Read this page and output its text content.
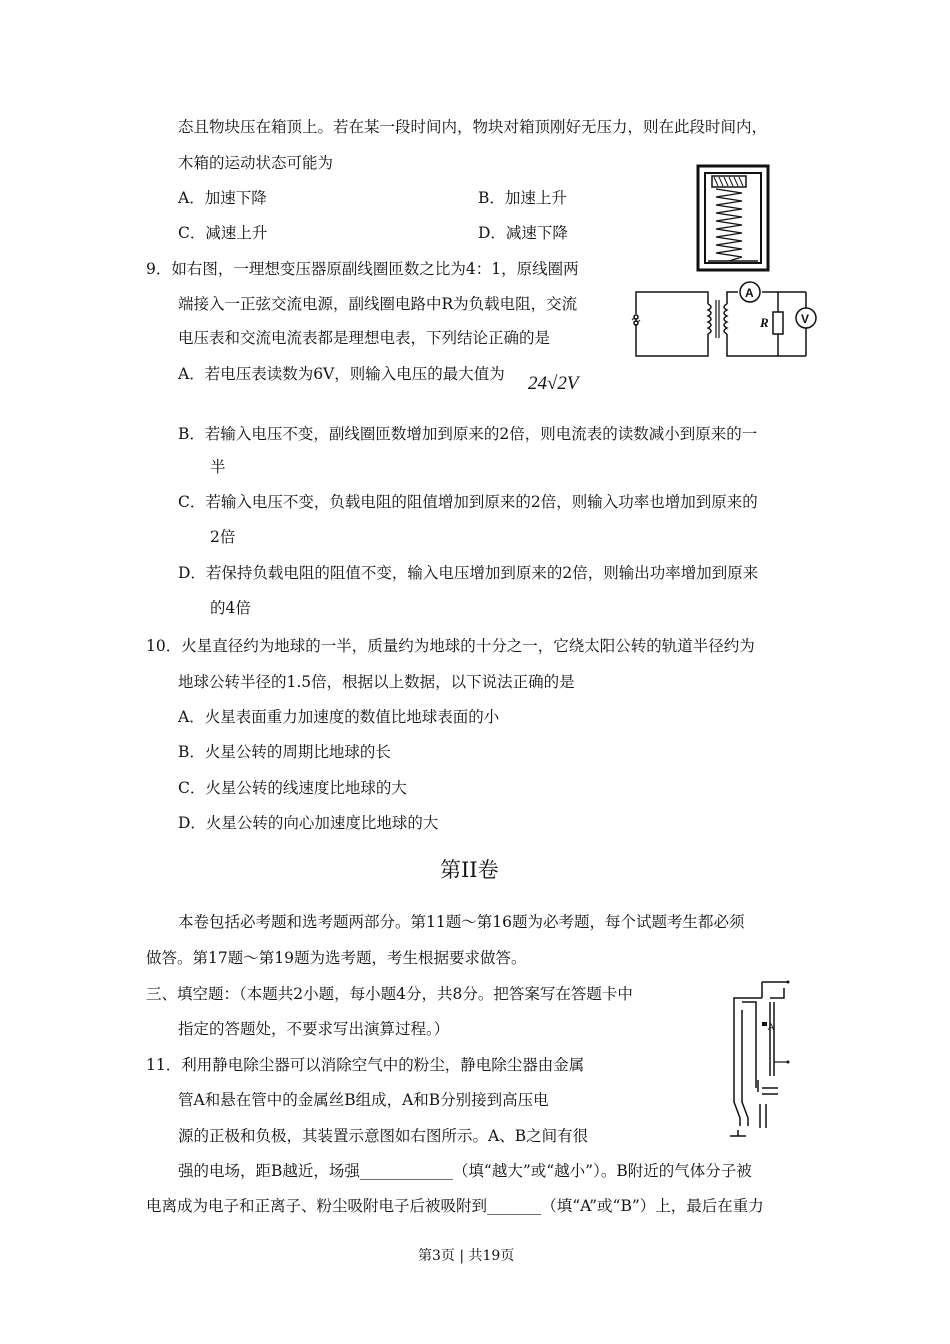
态且物块压在箱顶上。若在某一段时间内，物块对箱顶刚好无压力，则在此段时间内，
木箱的运动状态可能为
A．加速下降	B．加速上升
C．减速上升	D．减速下降
9．如右图，一理想变压器原副线圈匝数之比为4：1，原线圈两
端接入一正弦交流电源，副线圈电路中R为负载电阻，交流
电压表和交流电流表都是理想电表，下列结论正确的是
A．若电压表读数为6V，则输入电压的最大值为 24√2V
A
V
R
B．若输入电压不变，副线圈匝数增加到原来的2倍，则电流表的读数减小到原来的一
半
C．若输入电压不变，负载电阻的阻值增加到原来的2倍，则输入功率也增加到原来的
2倍
D．若保持负载电阻的阻值不变，输入电压增加到原来的2倍，则输出功率增加到原来
的4倍
10．火星直径约为地球的一半，质量约为地球的十分之一，它绕太阳公转的轨道半径约为
地球公转半径的1.5倍，根据以上数据，以下说法正确的是
A．火星表面重力加速度的数值比地球表面的小
B．火星公转的周期比地球的长
C．火星公转的线速度比地球的大
D．火星公转的向心加速度比地球的大
第II卷
本卷包括必考题和选考题两部分。第11题～第16题为必考题，每个试题考生都必须
做答。第17题～第19题为选考题，考生根据要求做答。
三、填空题：（本题共2小题，每小题4分，共8分。把答案写在答题卡中
指定的答题处，不要求写出演算过程。）	A
11．利用静电除尘器可以消除空气中的粉尘，静电除尘器由金属
管A和悬在管中的金属丝B组成，A和B分别接到高压电
源的正极和负极，其装置示意图如右图所示。A、B之间有很
强的电场，距B越近，场强____________（填“越大”或“越小”）。B附近的气体分子被
电离成为电子和正离子、粉尘吸附电子后被吸附到_______（填“A”或“B”）上，最后在重力
第3页 | 共19页
